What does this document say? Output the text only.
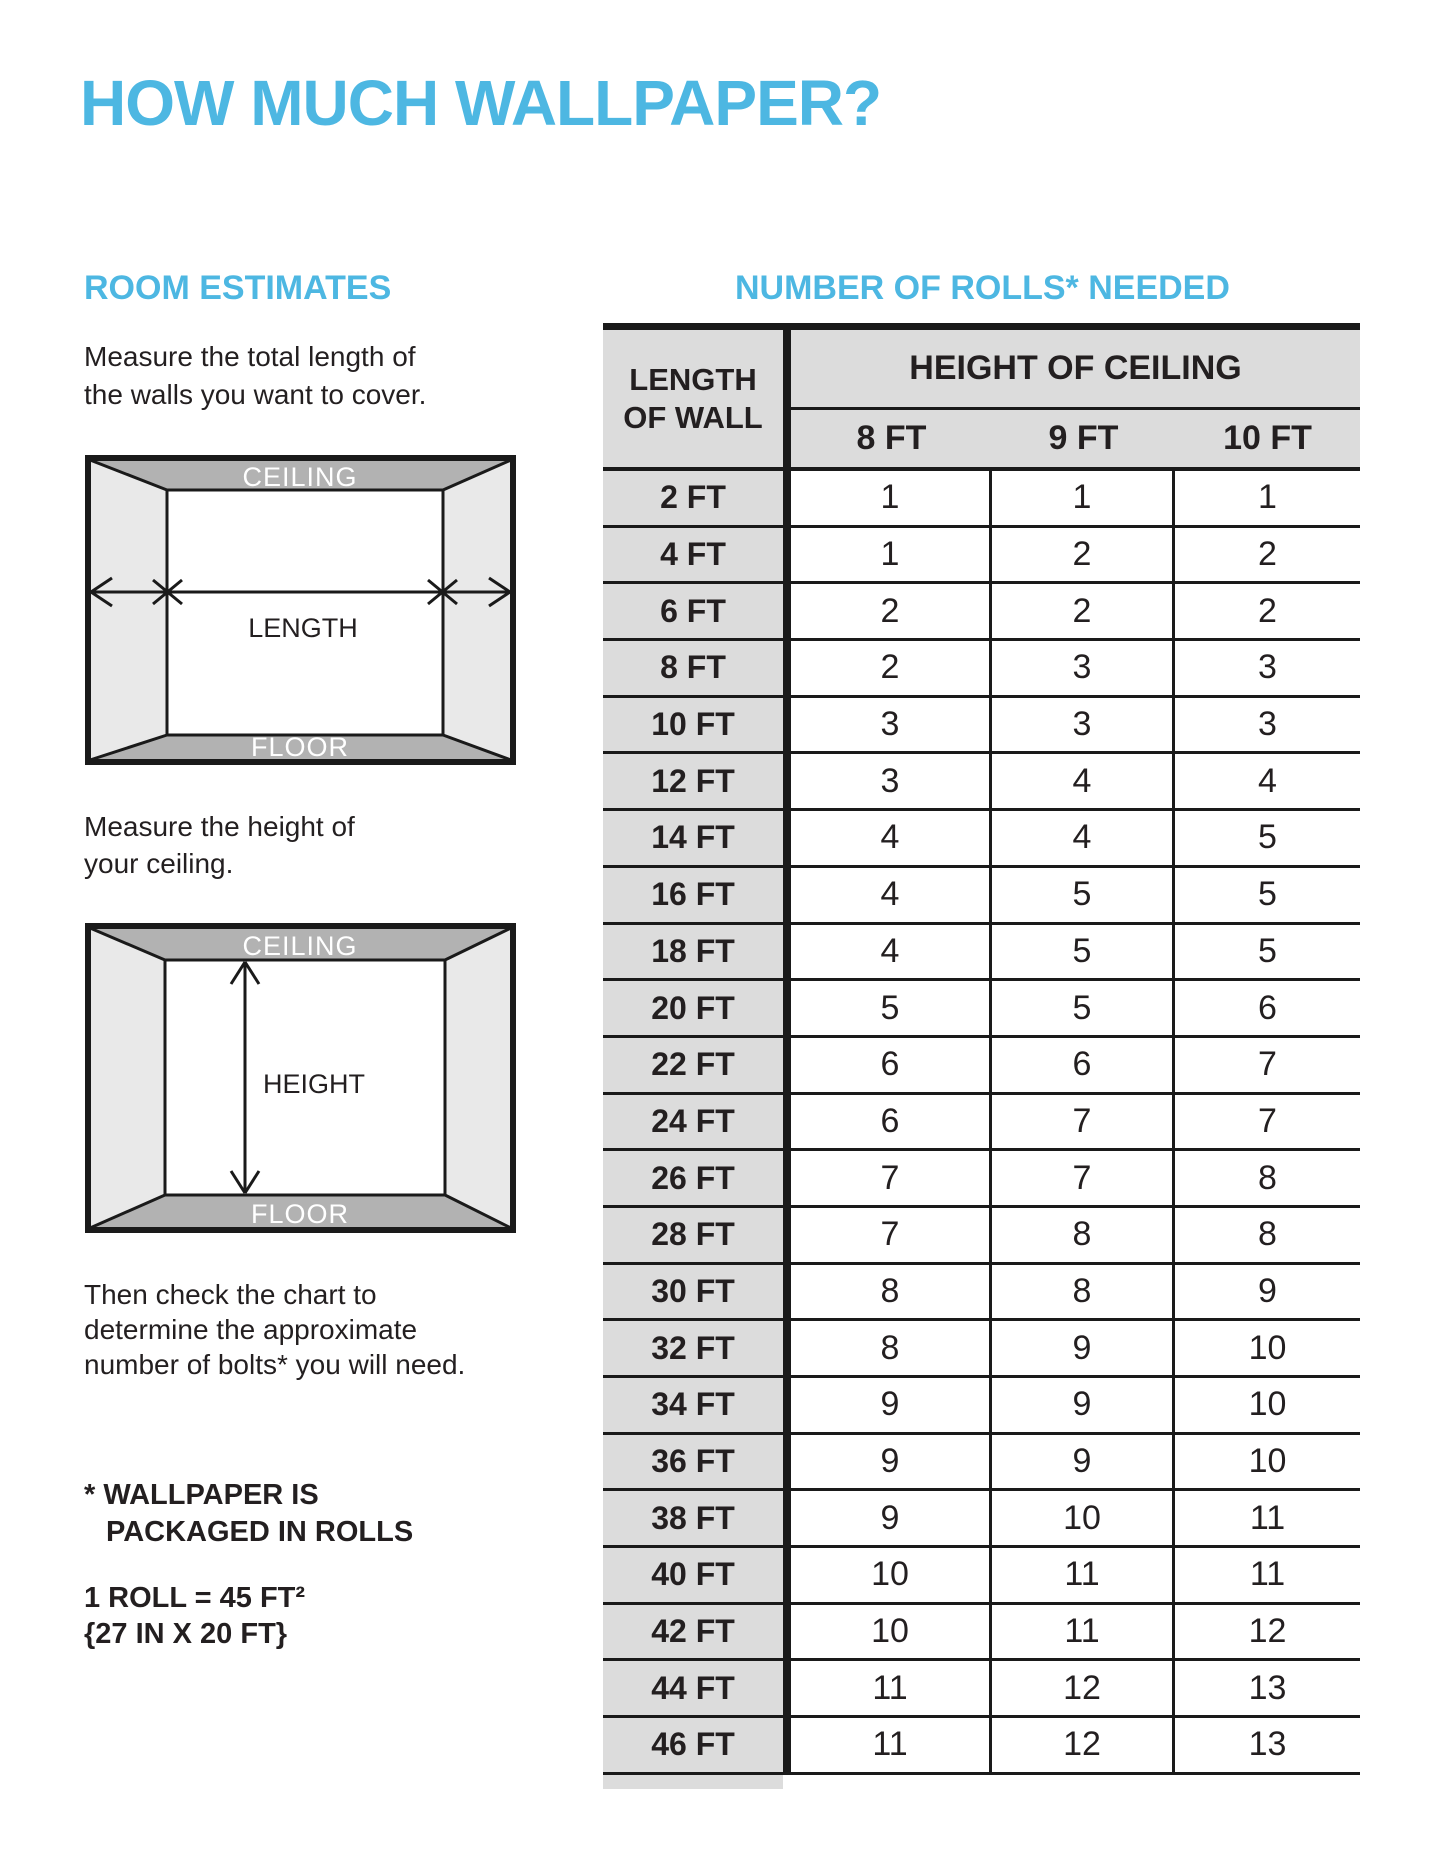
HOW MUCH WALLPAPER?
ROOM ESTIMATES	NUMBER OF ROLLS* NEEDED
Measure the total length of
the walls you want to cover.
CEILING
FLOOR
LENGTH
Measure the height of
your ceiling.
CEILING
FLOOR
HEIGHT
Then check the chart to
determine the approximate
number of bolts* you will need.
* WALLPAPER IS
PACKAGED IN ROLLS
1 ROLL = 45 FT²
{27 IN X 20 FT}
LENGTH
OF WALL
HEIGHT OF CEILING
8 FT	9 FT	10 FT
2 FT	1	1	1
4 FT	1	2	2
6 FT	2	2	2
8 FT	2	3	3
10 FT	3	3	3
12 FT	3	4	4
14 FT	4	4	5
16 FT	4	5	5
18 FT	4	5	5
20 FT	5	5	6
22 FT	6	6	7
24 FT	6	7	7
26 FT	7	7	8
28 FT	7	8	8
30 FT	8	8	9
32 FT	8	9	10
34 FT	9	9	10
36 FT	9	9	10
38 FT	9	10	11
40 FT	10	11	11
42 FT	10	11	12
44 FT	11	12	13
46 FT	11	12	13
